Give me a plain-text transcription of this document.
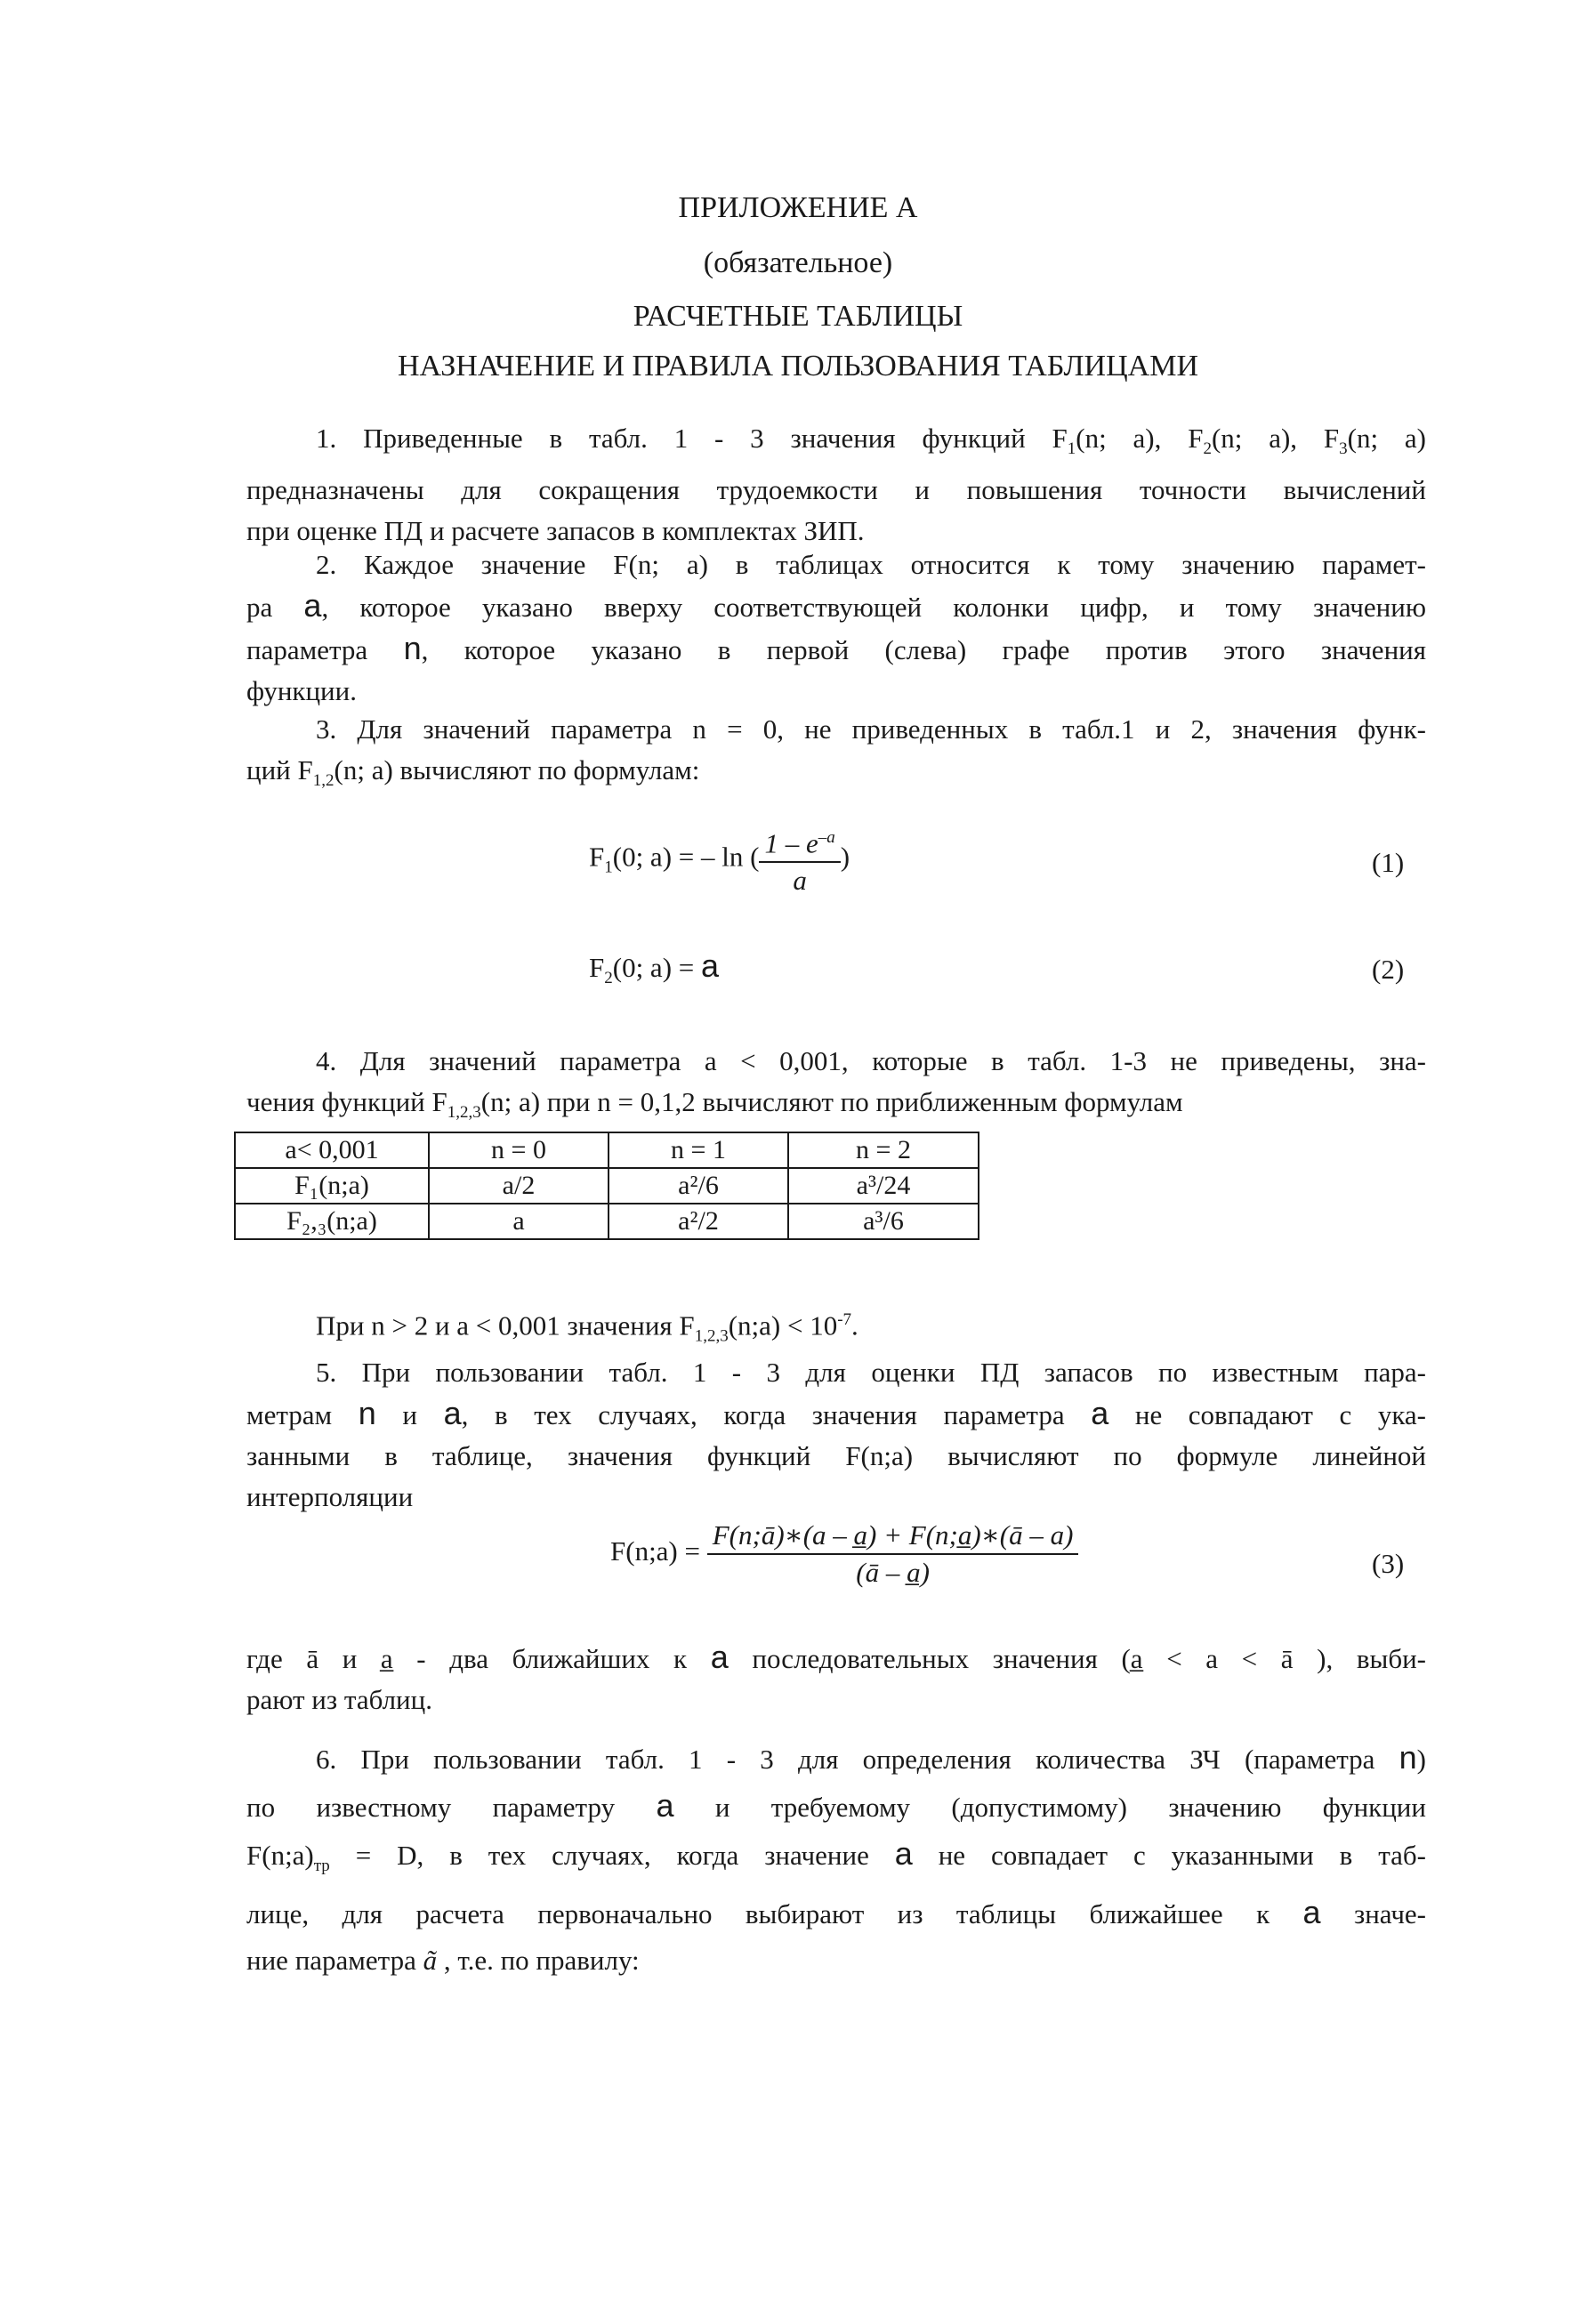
ПРИЛОЖЕНИЕ А
(обязательное)
РАСЧЕТНЫЕ ТАБЛИЦЫ
НАЗНАЧЕНИЕ И ПРАВИЛА ПОЛЬЗОВАНИЯ ТАБЛИЦАМИ
1. Приведенные в табл. 1 - 3 значения функций $F_1(n$; a), $F_2(n$; a), $F_3(n$; a)
предназначены для сокращения трудоемкости и повышения точности вычислений
при оценке ПД и расчете запасов в комплектах ЗИП.
2. Каждое значение F(n; a) в таблицах относится к тому значению парамет-
ра a, которое указано вверху соответствующей колонки цифр, и тому значению
параметра n, которое указано в первой (слева) графе против этого значения
функции.
3. Для значений параметра n = 0, не приведенных в табл.1 и 2, значения функ-
ций $F_{1,2}(n$; a) вычисляют по формулам:
$F_1(0$; a) = – ln ( $\frac{1 - e^{-a}}{a}$ )	(1)
$F_2(0$; a) = a	(2)
4. Для значений параметра a < 0,001, которые в табл. 1-3 не приведены, зна-
чения функций $F_{1,2,3}(n$; a) при n = 0,1,2 вычисляют по приближенным формулам
a< 0,001	n = 0	n = 1	n = 2
F₁(n;a)	a/2	a²/6	a³/24
F₂,₃(n;a)	a	a²/2	a³/6
При n > 2 и a < 0,001 значения $F_{1,2,3}(n;a) < 10^{-7}$.
5. При пользовании табл. 1 - 3 для оценки ПД запасов по известным пара-
метрам n и a, в тех случаях, когда значения параметра a не совпадают с ука-
занными в таблице, значения функций F(n;a) вычисляют по формуле линейной
интерполяции
F(n;a) = $\frac{F(n;ā)∗(a - a̲) + F(n;a̲)∗(ā - a)}{(ā - a̲)}$	(3)
где ā и a̲ - два ближайших к a последовательных значения (a̲ < a < ā ), выби-
рают из таблиц.
6. При пользовании табл. 1 - 3 для определения количества ЗЧ (параметра n)
по известному параметру a и требуемому (допустимому) значению функции
$F(n;a)_{тр} = D$, в тех случаях, когда значение a не совпадает с указанными в таб-
лице, для расчета первоначально выбирают из таблицы ближайшее к a значе-
ние параметра ã , т.е. по правилу:
